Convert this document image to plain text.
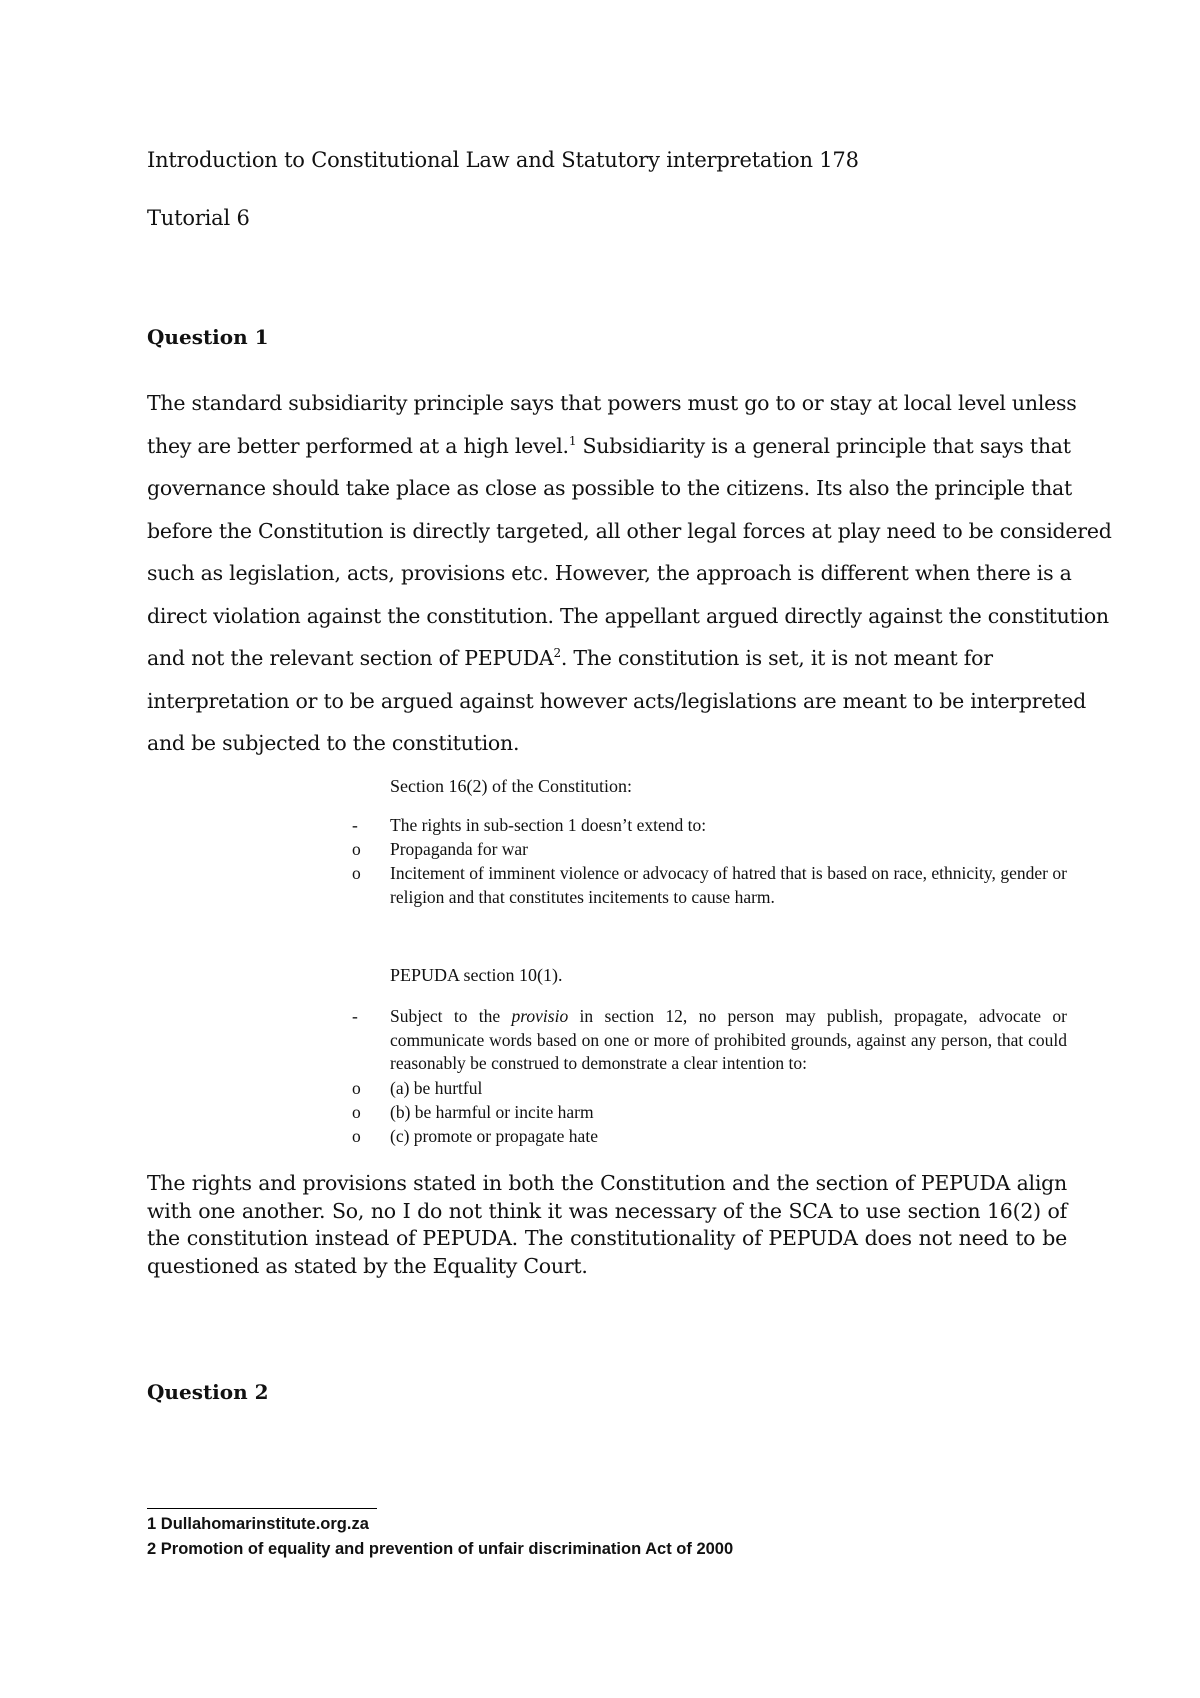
Introduction to Constitutional Law and Statutory interpretation 178
Tutorial 6
Question 1
The standard subsidiarity principle says that powers must go to or stay at local level unless
they are better performed at a high level.$^1$ Subsidiarity is a general principle that says that
governance should take place as close as possible to the citizens. Its also the principle that
before the Constitution is directly targeted, all other legal forces at play need to be considered
such as legislation, acts, provisions etc. However, the approach is different when there is a
direct violation against the constitution. The appellant argued directly against the constitution
and not the relevant section of PEPUDA$^2$. The constitution is set, it is not meant for
interpretation or to be argued against however acts/legislations are meant to be interpreted
and be subjected to the constitution.
Section 16(2) of the Constitution:
-	The rights in sub-section 1 doesn’t extend to:
o	Propaganda for war
o	Incitement of imminent violence or advocacy of hatred that is based on race, ethnicity, gender or religion and that constitutes incitements to cause harm.
PEPUDA section 10(1).
-	Subject to the provisio in section 12, no person may publish, propagate, advocate or communicate words based on one or more of prohibited grounds, against any person, that could reasonably be construed to demonstrate a clear intention to:
o	(a) be hurtful
o	(b) be harmful or incite harm
o	(c) promote or propagate hate
The rights and provisions stated in both the Constitution and the section of PEPUDA align with one another. So, no I do not think it was necessary of the SCA to use section 16(2) of the constitution instead of PEPUDA. The constitutionality of PEPUDA does not need to be questioned as stated by the Equality Court.
Question 2
1 Dullahomarinstitute.org.za
2 Promotion of equality and prevention of unfair discrimination Act of 2000
